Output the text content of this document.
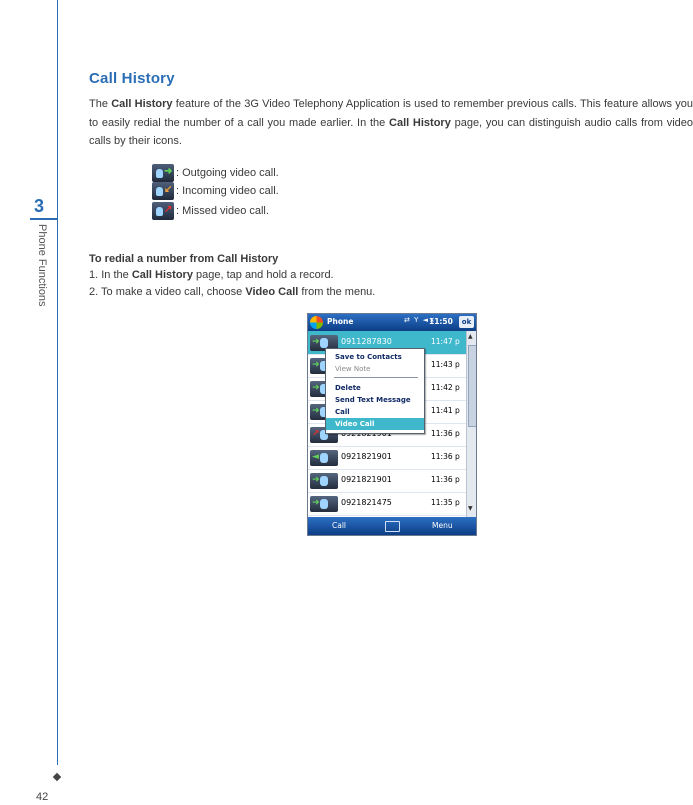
3
Phone Functions
42
Call History

The Call History feature of the 3G Video Telephony Application is used to remember previous calls. This feature allows you to easily redial the number of a call you made earlier. In the Call History page, you can distinguish audio calls from video calls by their icons.

➜ : Outgoing video call.
↙ : Incoming video call.
↗ : Missed video call.
To redial a number from Call History
1. In the Call History page, tap and hold a record.
2. To make a video call, choose Video Call from the menu.
Phone	⇄ Y ◄×
11:50	ok
➜	0911287830	11:47 p
➜	11:43 p
➜	11:42 p
➜	11:41 p
↗	11:36 p
◄	0921821901	11:36 p
➜	0921821901	11:36 p
➜	0921821475	11:35 p
▲
▼
Save to Contacts
View Note
Delete
Send Text Message
Call
Video Call
Call	Menu
